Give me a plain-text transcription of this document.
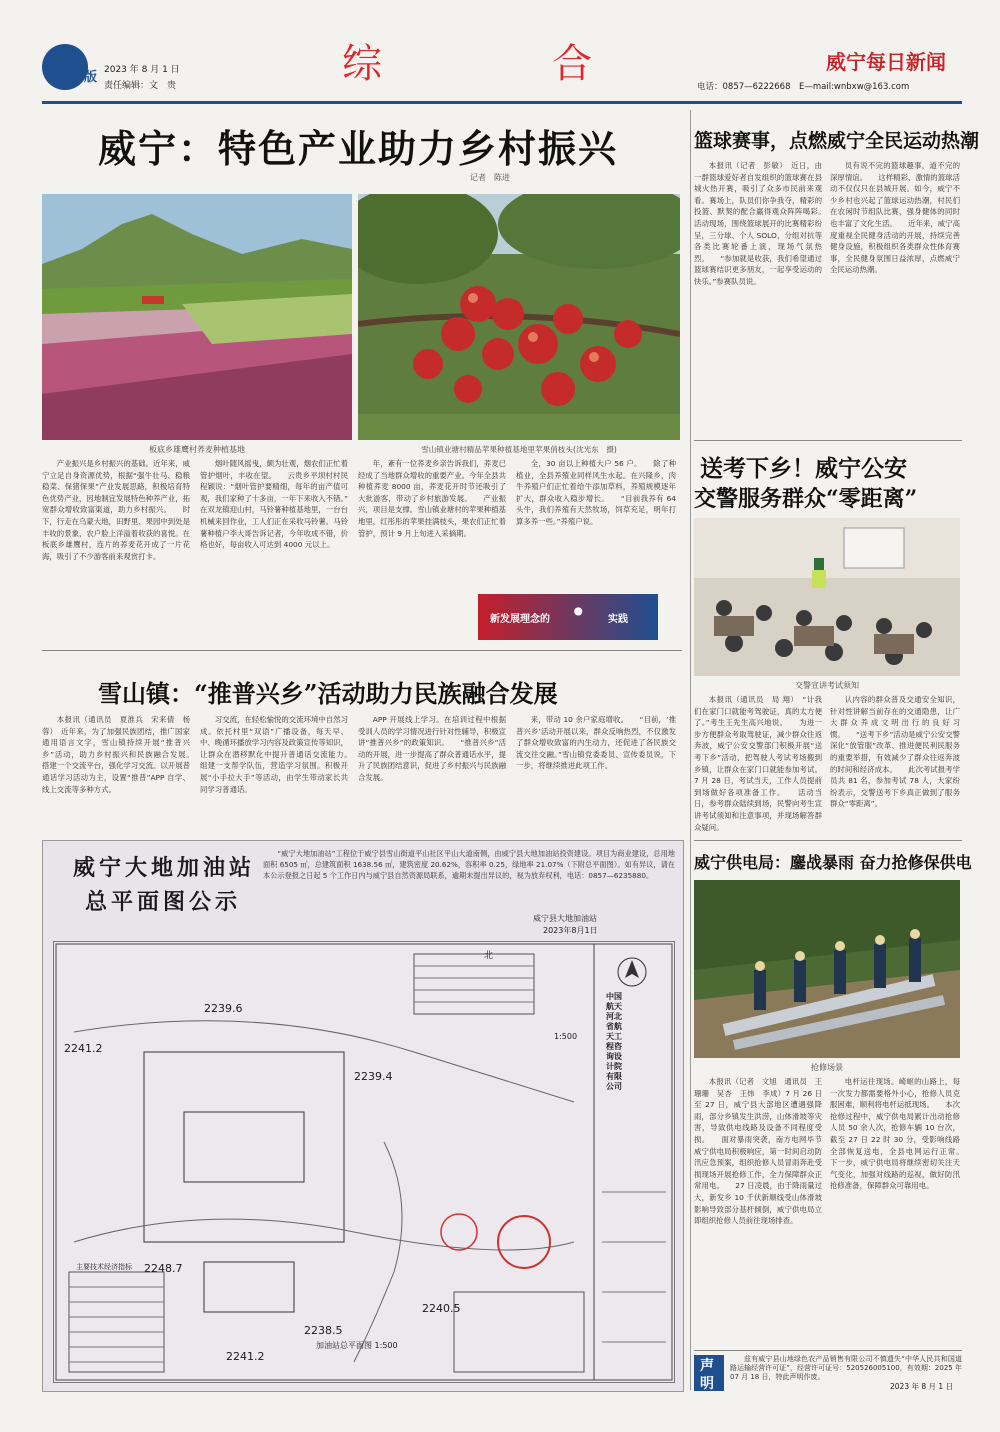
3 版 2023 年 8 月 1 日
责任编辑：文　贵	综　　合	威宁每日新闻
电话：0857—6222668　E—mail:wnbxw@163.com
威宁：特色产业助力乡村振兴
记者　陈进
板底乡雄鹰村荞麦种植基地	雪山镇业塘村精品苹果种植基地里苹果俏枝头(沈光东　摄)

产业振兴是乡村振兴的基础。近年来，威宁立足自身资源优势，根据“强牛壮马、稳粮稳菜、保猪保果”产业发展思路，积极培育特色优势产业，因地制宜发展特色种养产业，拓宽群众增收致富渠道，助力乡村振兴。　　时下，行走在乌蒙大地，田野里、果园中到处是丰收的景象，农户脸上洋溢着收获的喜悦。在板底乡雄鹰村，连片的荞麦花开成了一片花海，吸引了不少游客前来观赏打卡。

烟叶随风摇曳，颇为壮观，烟农们正忙着管护烟叶，丰收在望。　　云贵乡平坝村村民程颖说：“烟叶管护要精细，每年的亩产值可观，我们家种了十多亩，一年下来收入不错。”　　在双龙镇迎山村，马铃薯种植基地里，一台台机械来回作业，工人们正在采收马铃薯。马铃薯种植户李大哥告诉记者，今年收成不错，价格也好，每亩收入可达到 4000 元以上。

年，紊有一位荞麦乡亲告诉我们，荞麦已经成了当地群众增收的重要产业。今年全县共种植荞麦 8000 亩，荞麦花开时节还吸引了大批游客，带动了乡村旅游发展。　　产业振兴，项目是支撑。雪山镇业塘村的苹果种植基地里，红彤彤的苹果挂满枝头，果农们正忙着管护，预计 9 月上旬进入采摘期。

全，30 亩以上种植大户 56 户。　　除了种植业，全县养殖业同样风生水起。在兴隆乡，肉牛养殖户们正忙着给牛添加草料，养殖规模逐年扩大，群众收入稳步增长。　　“目前我养有 64 头牛，我们养殖有天然牧场，饲草充足，明年打算多养一些。”养殖户说。

新发展理念的 • 实践
雪山镇：“推普兴乡”活动助力民族融合发展

本报讯（通讯员　夏淮兵　宋来倩　杨蓉）　近年来，为了加强民族团结，推广国家通用语言文字，雪山镇持续开展“推普兴乡”活动，助力乡村振兴和民族融合发展。　　搭建一个交流平台，强化学习交流。以开展普通话学习活动为主，设置“推普”APP 自学、线上交流等多种方式。

习交流，在轻松愉悦的交流环境中自然习成。依托村里“双语”广播设备，每天早、中、晚循环播放学习内容及政策宣传等知识，让群众在潜移默化中提升普通话交流能力。　　组建一支帮学队伍，营造学习氛围。积极开展“小手拉大手”等活动，由学生带动家长共同学习普通话。

APP 开展线上学习。在培训过程中根据受训人员的学习情况进行针对性辅导，积极宣讲“推普兴乡”的政策知识。　　“推普兴乡”活动的开展，进一步提高了群众普通话水平，提升了民族团结意识，促进了乡村振兴与民族融合发展。

来，带动 10 余户家庭增收。　　“目前，‘推普兴乡’活动开展以来，群众反响热烈，不仅激发了群众增收致富的内生动力，还促进了各民族交流交往交融。”雪山镇党委委员、宣传委员说，下一步，将继续推进此项工作。

威宁大地加油站
总平面图公示

“威宁大地加油站”工程位于威宁县雪山街道平山社区平山大道南侧，由威宁县大地加油站投资建设。项目为商业建设，总用地面积 6505 ㎡，总建筑面积 1638.56 ㎡，建筑密度 20.62%，容积率 0.25，绿地率 21.07%（下附总平面图）。如有异议，请在本公示登报之日起 5 个工作日内与威宁县自然资源局联系，逾期未提出异议的，视为放弃权利，电话：0857—6235880。

威宁县大地加油站
2023年8月1日
北
中国航天 河北省航天工程咨询设计院有限公司
1:500
2239.6
2241.2
2239.4
2248.7
2240.5
2238.5
2241.2
加油站总平面图 1:500
主要技术经济指标
篮球赛事，点燃威宁全民运动热潮

本报讯（记者　彭敏）　近日，由一群篮球爱好者自发组织的篮球赛在县城火热开赛，吸引了众多市民前来观看。赛场上，队员们你争我夺，精彩的投篮、默契的配合赢得观众阵阵喝彩。　　活动现场，围绕篮球展开的比赛精彩纷呈，三分球、个人 SOLO、分组对抗等各类比赛轮番上演，现场气氛热烈。　　“参加就是收获，我们希望通过篮球赛结识更多朋友，一起享受运动的快乐。”参赛队员说。

员有说不完的篮球趣事，道不完的深厚情谊。　　这样精彩、激情的篮球活动不仅仅只在县城开展。如今，威宁不少乡村也兴起了篮球运动热潮，村民们在农闲时节组队比赛，强身健体的同时也丰富了文化生活。　　近年来，威宁高度重视全民健身活动的开展，持续完善健身设施，积极组织各类群众性体育赛事，全民健身氛围日益浓厚，点燃威宁全民运动热潮。

送考下乡！威宁公安
交警服务群众“零距离”
交警宣讲考试须知

本报讯（通讯员　局 翔）　“计我们在家门口就能考驾驶证，真的太方便了。”考生王先生高兴地说。　　为进一步方便群众考取驾驶证，减少群众往返奔波，威宁公安交警部门积极开展“送考下乡”活动，把驾驶人考试考场搬到乡镇，让群众在家门口就能参加考试。7 月 28 日，考试当天，工作人员提前到场做好各项准备工作。　　活动当日，参考群众陆续到场，民警向考生宣讲考试须知和注意事项，并现场解答群众疑问。

认内容的群众普及交通安全知识，针对性讲解当前存在的交通隐患，让广大群众养成文明出行的良好习惯。　　“送考下乡”活动是威宁公安交警深化“放管服”改革、推进便民利民服务的重要举措，有效减少了群众往返奔波的时间和经济成本。　　此次考试报考学员共 81 名，参加考试 78 人，大家纷纷表示，交警送考下乡真正做到了服务群众“零距离”。

威宁供电局：鏖战暴雨 奋力抢修保供电
抢修场景

本报讯（记者　文旭　通讯员　王珊珊　吴杏　王炜　李成）7 月 26 日至 27 日，威宁县大部地区遭遇强降雨，部分乡镇发生洪涝，山体滑坡等灾害，导致供电线路及设备不同程度受损。　　面对暴雨突袭，南方电网毕节威宁供电局积极响应，第一时间启动防汛应急预案，组织抢修人员冒雨奔赴受损现场开展抢修工作，全力保障群众正常用电。　　27 日凌晨，由于降雨量过大，新发乡 10 千伏新顺线受山体滑坡影响导致部分基杆倾倒，威宁供电局立即组织抢修人员前往现场排查。

电杆运往现场。崎岖的山路上，每一次发力都需要格外小心，抢修人员克服困难，顺利将电杆运抵现场。　　本次抢修过程中，威宁供电局累计出动抢修人员 50 余人次，抢修车辆 10 台次，截至 27 日 22 时 30 分，受影响线路全部恢复送电，全县电网运行正常。　　下一步，威宁供电局将继续密切关注天气变化，加强对线路的巡视，做好防汛抢修准备，保障群众可靠用电。

声
明

兹有威宁县山地绿色农产品销售有限公司不慎遗失“中华人民共和国道路运输经营许可证”，经营许可证号：520526005100，有效期：2025 年 07 月 18 日，特此声明作废。

2023 年 8 月 1 日
